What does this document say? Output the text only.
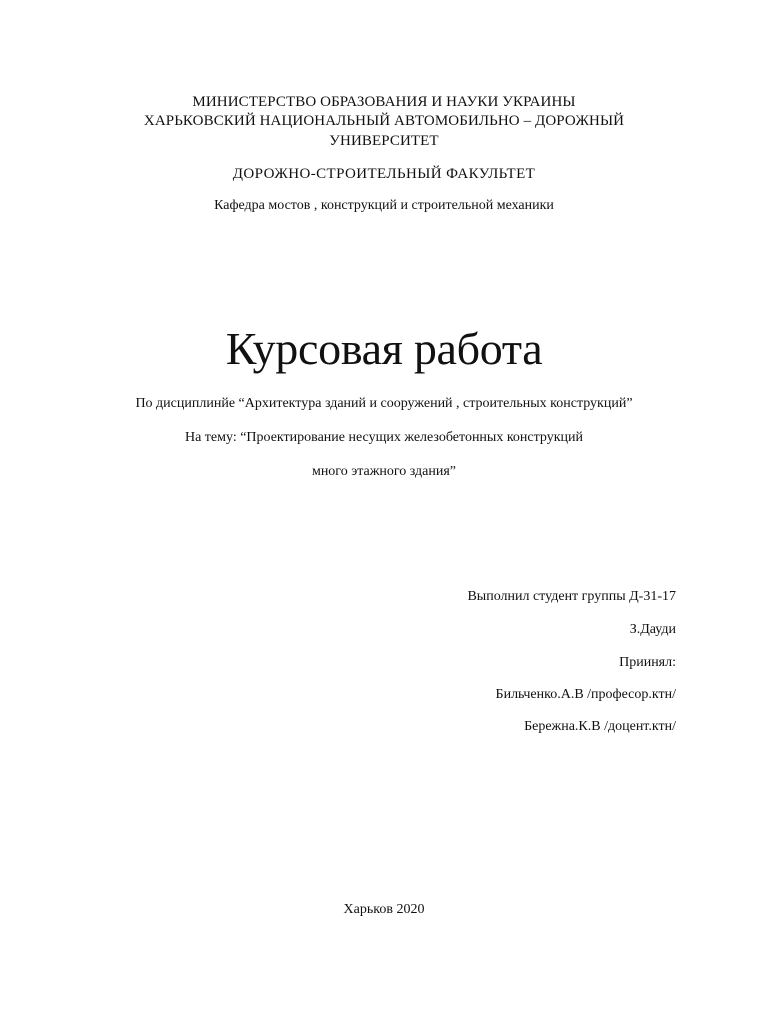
МИНИСТЕРСТВО ОБРАЗОВАНИЯ И НАУКИ УКРАИНЫ
ХАРЬКОВСКИЙ НАЦИОНАЛЬНЫЙ АВТОМОБИЛЬНО – ДОРОЖНЫЙ
УНИВЕРСИТЕТ
ДОРОЖНО-СТРОИТЕЛЬНЫЙ ФАКУЛЬТЕТ
Кафедра мостов , конструкций и строительной механики
Курсовая работа
По дисциплинйе “Архитектура зданий и сооружений , строительных конструкций”
На тему: “Проектирование несущих железобетонных конструкций
много этажного здания”
Выполнил студент группы Д-31-17
З.Дауди
Приинял:
Бильченко.А.В /професор.ктн/
Бережна.К.В /доцент.ктн/
Харьков 2020
